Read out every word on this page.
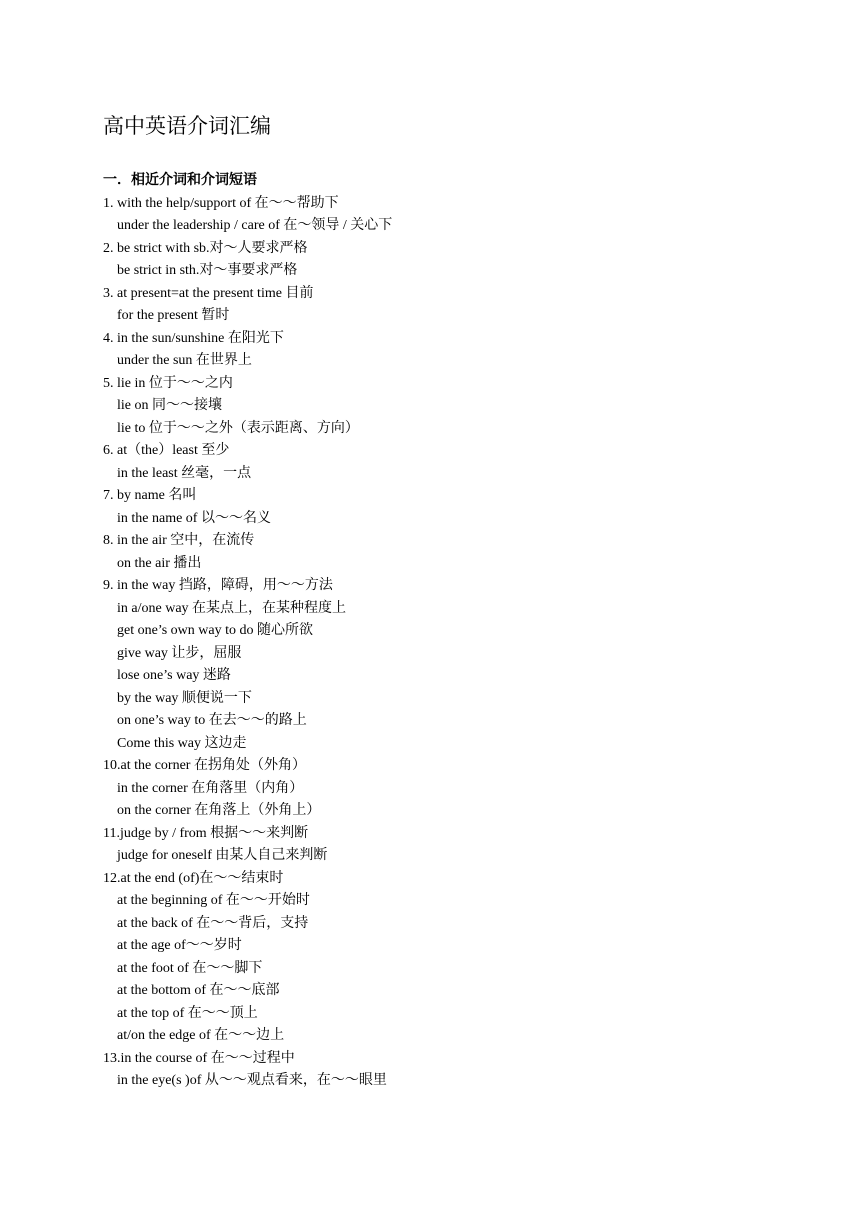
高中英语介词汇编
一．相近介词和介词短语
1. with the help/support of 在～～帮助下
under the leadership / care of 在～领导 / 关心下
2. be strict with sb.对～人要求严格
be strict in sth.对～事要求严格
3. at present=at the present time 目前
for the present 暂时
4. in the sun/sunshine 在阳光下
under the sun 在世界上
5. lie in 位于～～之内
lie on 同～～接壤
lie to 位于～～之外（表示距离、方向）
6. at（the）least 至少
in the least 丝毫，一点
7. by name 名叫
in the name of 以～～名义
8. in the air 空中，在流传
on the air 播出
9. in the way 挡路，障碍，用～～方法
in a/one way 在某点上，在某种程度上
get one’s own way to do 随心所欲
give way 让步，屈服
lose one’s way 迷路
by the way 顺便说一下
on one’s way to 在去～～的路上
Come this way 这边走
10.at the corner 在拐角处（外角）
in the corner 在角落里（内角）
on the corner 在角落上（外角上）
11.judge by / from 根据～～来判断
judge for oneself 由某人自己来判断
12.at the end (of)在～～结束时
at the beginning of 在～～开始时
at the back of 在～～背后，支持
at the age of～～岁时
at the foot of 在～～脚下
at the bottom of 在～～底部
at the top of 在～～顶上
at/on the edge of 在～～边上
13.in the course of 在～～过程中
in the eye(s )of 从～～观点看来，在～～眼里
